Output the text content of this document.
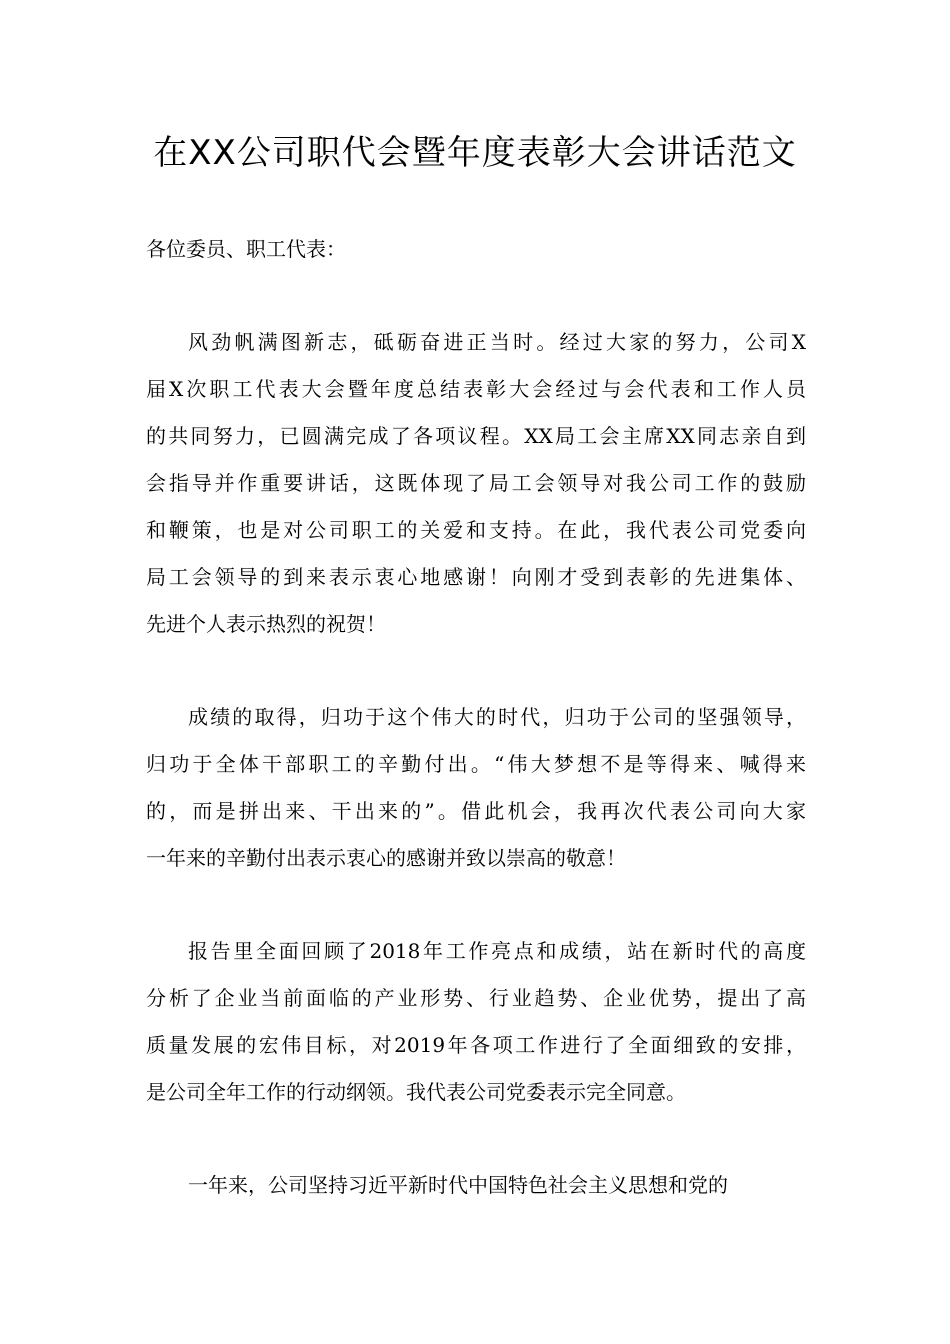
在XX公司职代会暨年度表彰大会讲话范文

各位委员、职工代表：

风劲帆满图新志，砥砺奋进正当时。经过大家的努力，公司X
届X次职工代表大会暨年度总结表彰大会经过与会代表和工作人员
的共同努力，已圆满完成了各项议程。XX局工会主席XX同志亲自到
会指导并作重要讲话，这既体现了局工会领导对我公司工作的鼓励
和鞭策，也是对公司职工的关爱和支持。在此，我代表公司党委向
局工会领导的到来表示衷心地感谢！向刚才受到表彰的先进集体、
先进个人表示热烈的祝贺！
成绩的取得，归功于这个伟大的时代，归功于公司的坚强领导，
归功于全体干部职工的辛勤付出。“伟大梦想不是等得来、喊得来
的，而是拼出来、干出来的”。借此机会，我再次代表公司向大家
一年来的辛勤付出表示衷心的感谢并致以崇高的敬意！
报告里全面回顾了2018年工作亮点和成绩，站在新时代的高度
分析了企业当前面临的产业形势、行业趋势、企业优势，提出了高
质量发展的宏伟目标，对2019年各项工作进行了全面细致的安排，
是公司全年工作的行动纲领。我代表公司党委表示完全同意。
一年来，公司坚持习近平新时代中国特色社会主义思想和党的
